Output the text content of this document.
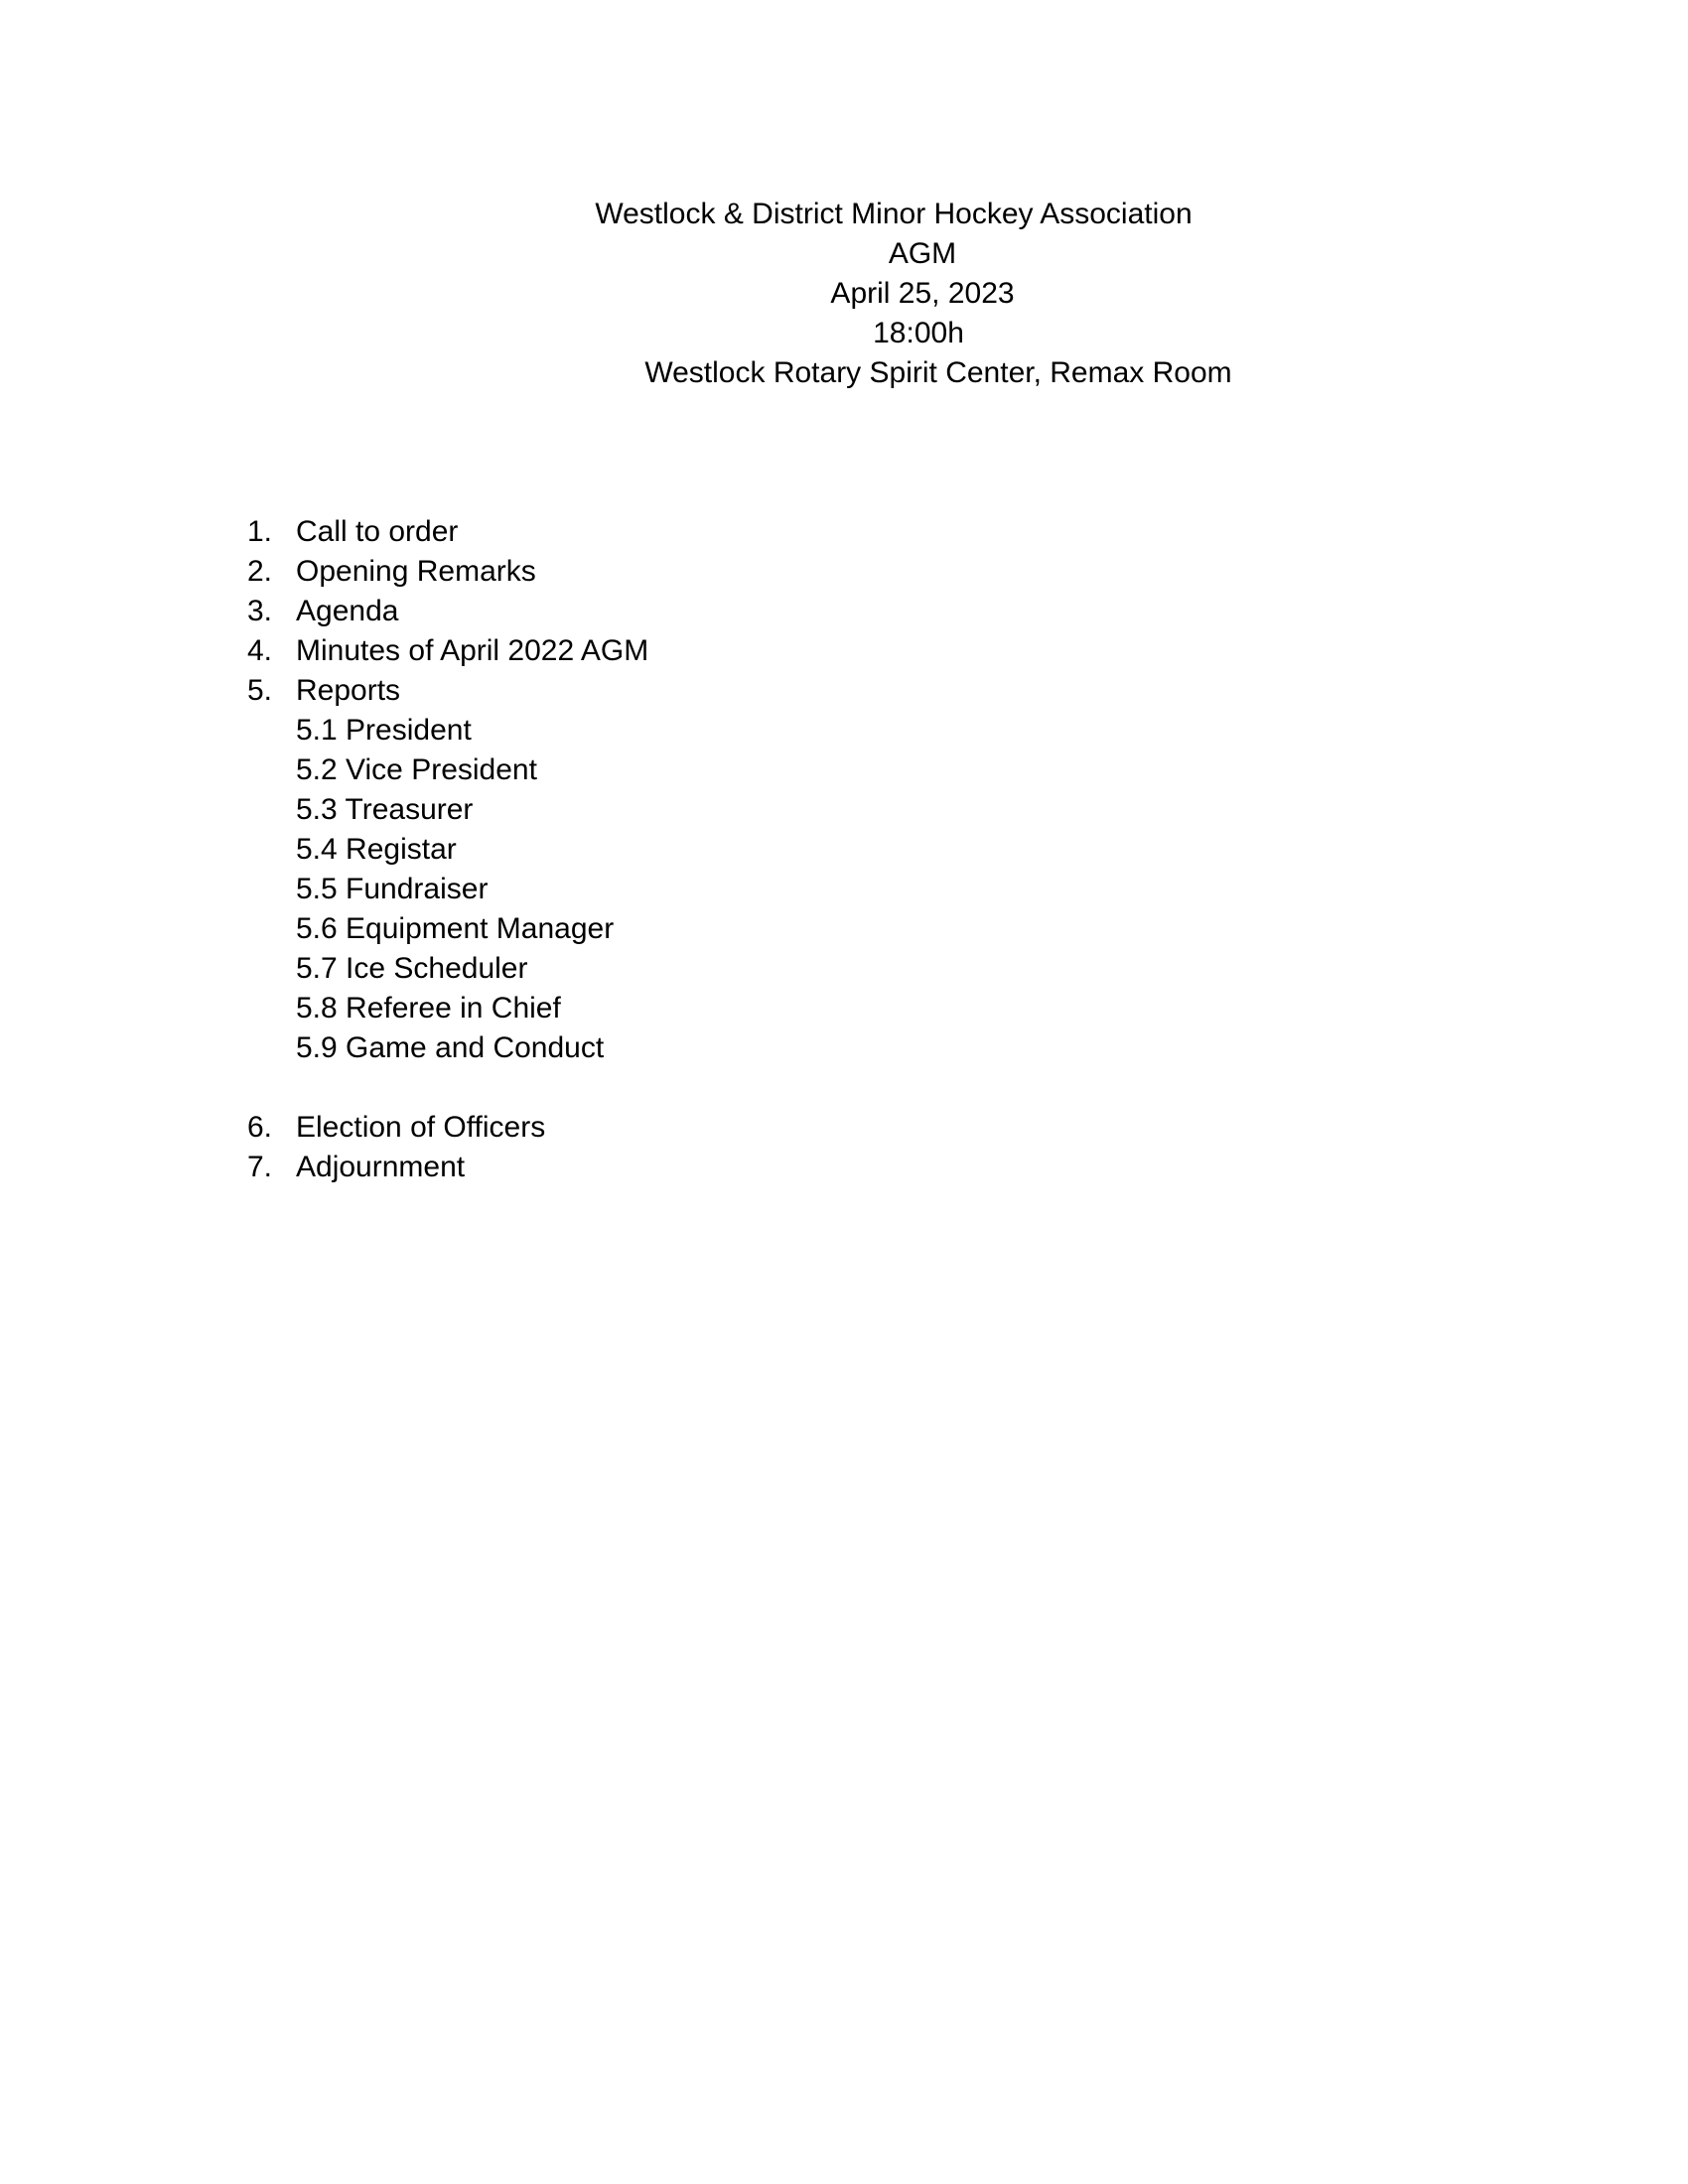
Westlock & District Minor Hockey Association
AGM
April 25, 2023
18:00h
Westlock Rotary Spirit Center, Remax Room
1. Call to order
2. Opening Remarks
3. Agenda
4. Minutes of April 2022 AGM
5. Reports
5.1 President
5.2 Vice President
5.3 Treasurer
5.4 Registar
5.5 Fundraiser
5.6 Equipment Manager
5.7 Ice Scheduler
5.8 Referee in Chief
5.9 Game and Conduct
6. Election of Officers
7. Adjournment
